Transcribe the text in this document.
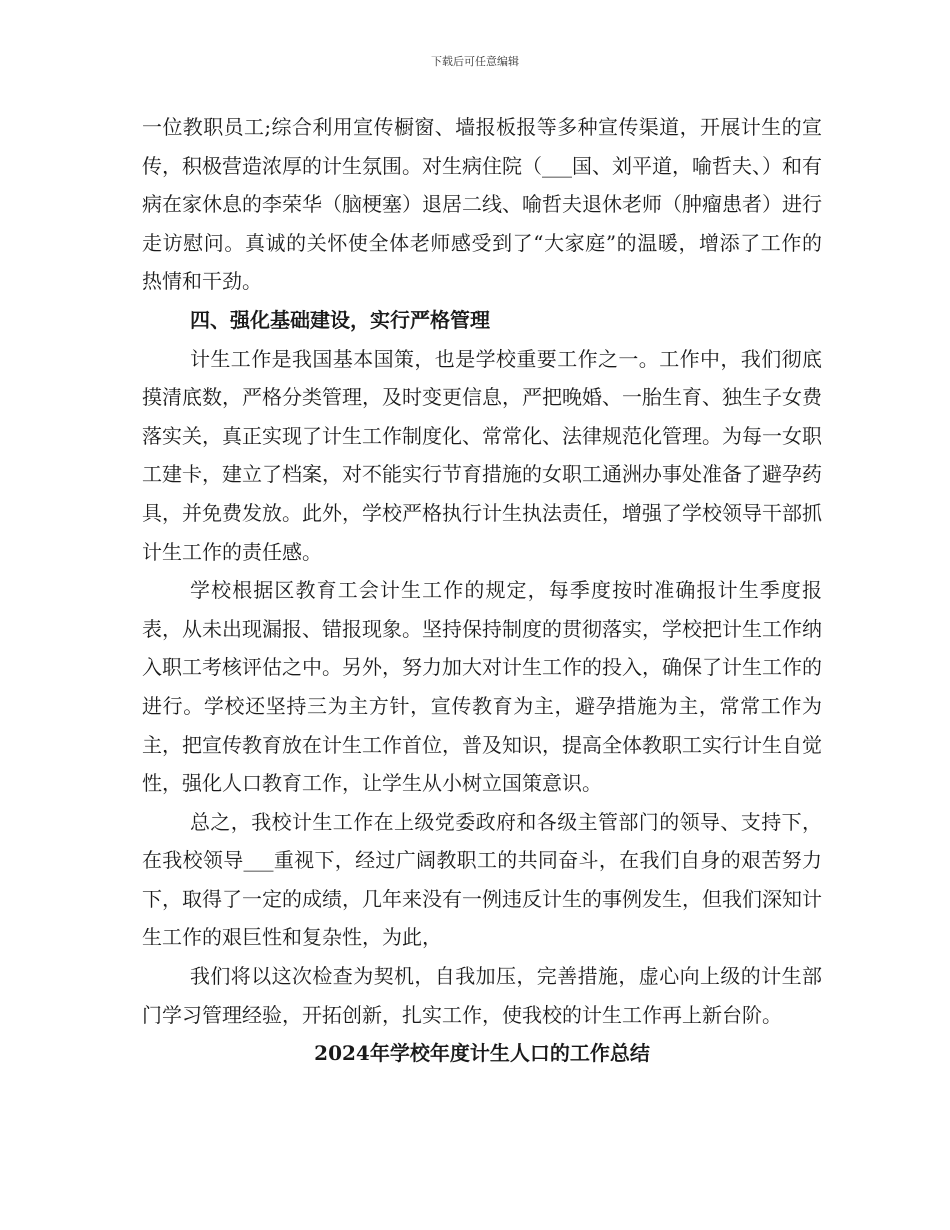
下载后可任意编辑

一位教职员工;综合利用宣传橱窗、墙报板报等多种宣传渠道，开展计生的宣传，积极营造浓厚的计生氛围。对生病住院（___国、刘平道，喻哲夫、）和有病在家休息的李荣华（脑梗塞）退居二线、喻哲夫退休老师（肿瘤患者）进行走访慰问。真诚的关怀使全体老师感受到了“大家庭”的温暖，增添了工作的热情和干劲。

四、强化基础建设，实行严格管理

计生工作是我国基本国策，也是学校重要工作之一。工作中，我们彻底摸清底数，严格分类管理，及时变更信息，严把晚婚、一胎生育、独生子女费落实关，真正实现了计生工作制度化、常常化、法律规范化管理。为每一女职工建卡，建立了档案，对不能实行节育措施的女职工通洲办事处准备了避孕药具，并免费发放。此外，学校严格执行计生执法责任，增强了学校领导干部抓计生工作的责任感。

学校根据区教育工会计生工作的规定，每季度按时准确报计生季度报表，从未出现漏报、错报现象。坚持保持制度的贯彻落实，学校把计生工作纳入职工考核评估之中。另外，努力加大对计生工作的投入，确保了计生工作的进行。学校还坚持三为主方针，宣传教育为主，避孕措施为主，常常工作为主，把宣传教育放在计生工作首位，普及知识，提高全体教职工实行计生自觉性，强化人口教育工作，让学生从小树立国策意识。

总之，我校计生工作在上级党委政府和各级主管部门的领导、支持下，在我校领导___重视下，经过广阔教职工的共同奋斗，在我们自身的艰苦努力下，取得了一定的成绩，几年来没有一例违反计生的事例发生，但我们深知计生工作的艰巨性和复杂性，为此，

我们将以这次检查为契机，自我加压，完善措施，虚心向上级的计生部门学习管理经验，开拓创新，扎实工作，使我校的计生工作再上新台阶。

2024年学校年度计生人口的工作总结
